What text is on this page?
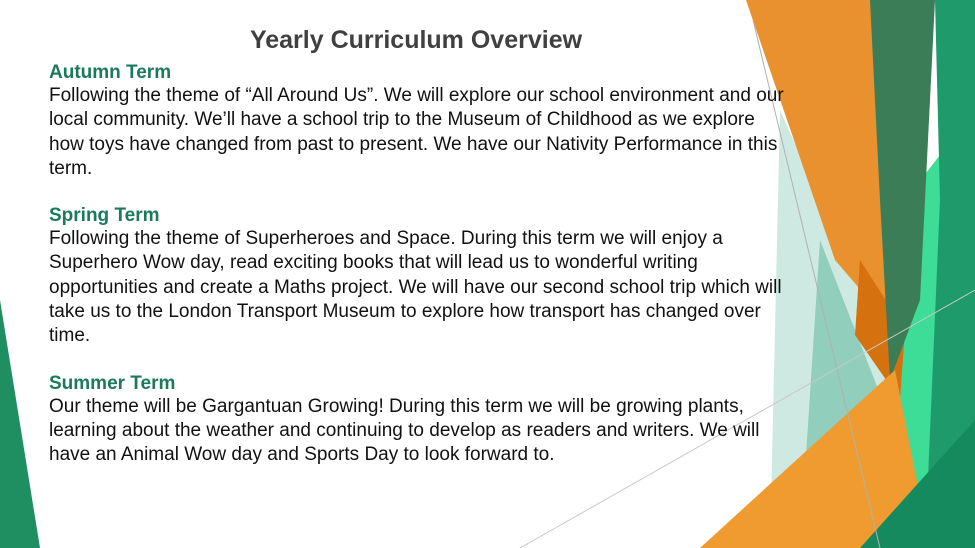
Yearly Curriculum Overview

Autumn Term

Following the theme of “All Around Us”. We will explore our school environment and our local community. We’ll have a school trip to the Museum of Childhood as we explore how toys have changed from past to present. We have our Nativity Performance in this term.

Spring Term

Following the theme of Superheroes and Space. During this term we will enjoy a Superhero Wow day, read exciting books that will lead us to wonderful writing opportunities and create a Maths project. We will have our second school trip which will take us to the London Transport Museum to explore how transport has changed over time.

Summer Term

Our theme will be Gargantuan Growing! During this term we will be growing plants, learning about the weather and continuing to develop as readers and writers. We will have an Animal Wow day and Sports Day to look forward to.
